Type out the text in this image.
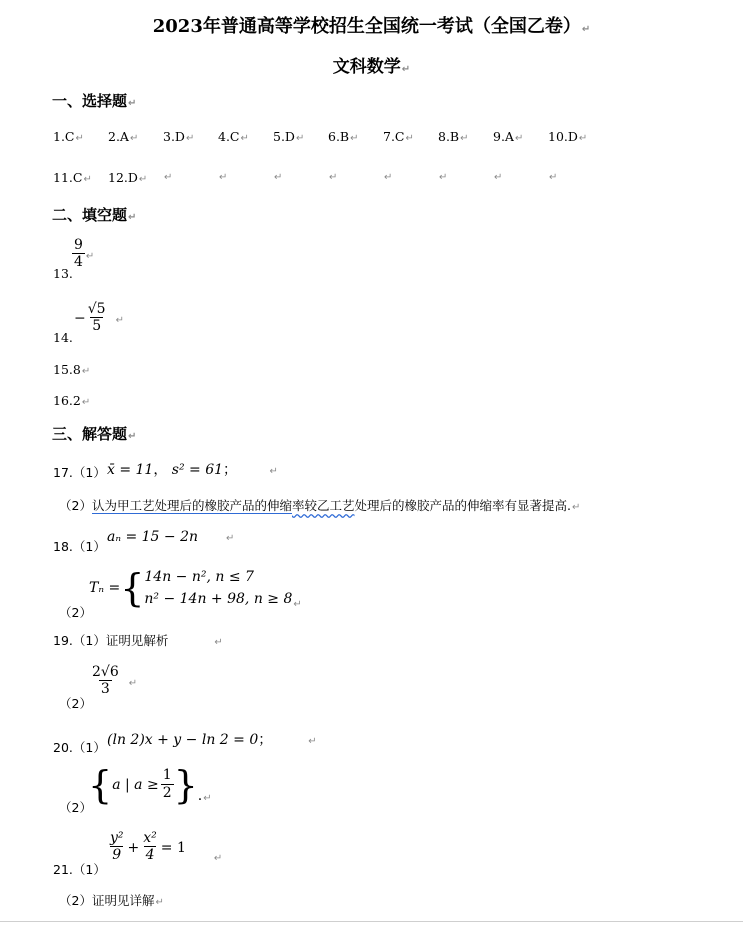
2023年普通高等学校招生全国统一考试（全国乙卷）↵
文科数学↵
一、选择题↵
1.C↵ 2.A↵ 3.D↵ 4.C↵ 5.D↵ 6.B↵ 7.C↵ 8.B↵ 9.A↵ 10.D↵
11.C↵ 12.D↵ ↵	↵	↵	↵	↵	↵	↵	↵
二、填空题↵
13.
$\frac{9}{4}$ ↵
14.
− $\frac{√5}{5}$ ↵
15.8↵
16.2↵
三、解答题↵
17.（1） x̄ = 11， s² = 61；	↵
（2）认为甲工艺处理后的橡胶产品的伸缩率较乙工艺处理后的橡胶产品的伸缩率有显著提高.↵
18.（1）
aₙ = 15 − 2n	↵
（2）
Tₙ = { 14n − n², n ≤ 7
n² − 14n + 98, n ≥ 8 ↵
19.（1）证明见解析	↵
（2）
$\frac{2√6}{3}$ ↵
20.（1） (ln 2)x + y − ln 2 = 0；	↵
（2）
{ a | $a \ge \frac{1}{2}$ } . ↵
21.（1）
$\frac{\text{y²}}{9} + \frac{\text{x²}}{4} = 1$
↵
（2）证明见详解↵
